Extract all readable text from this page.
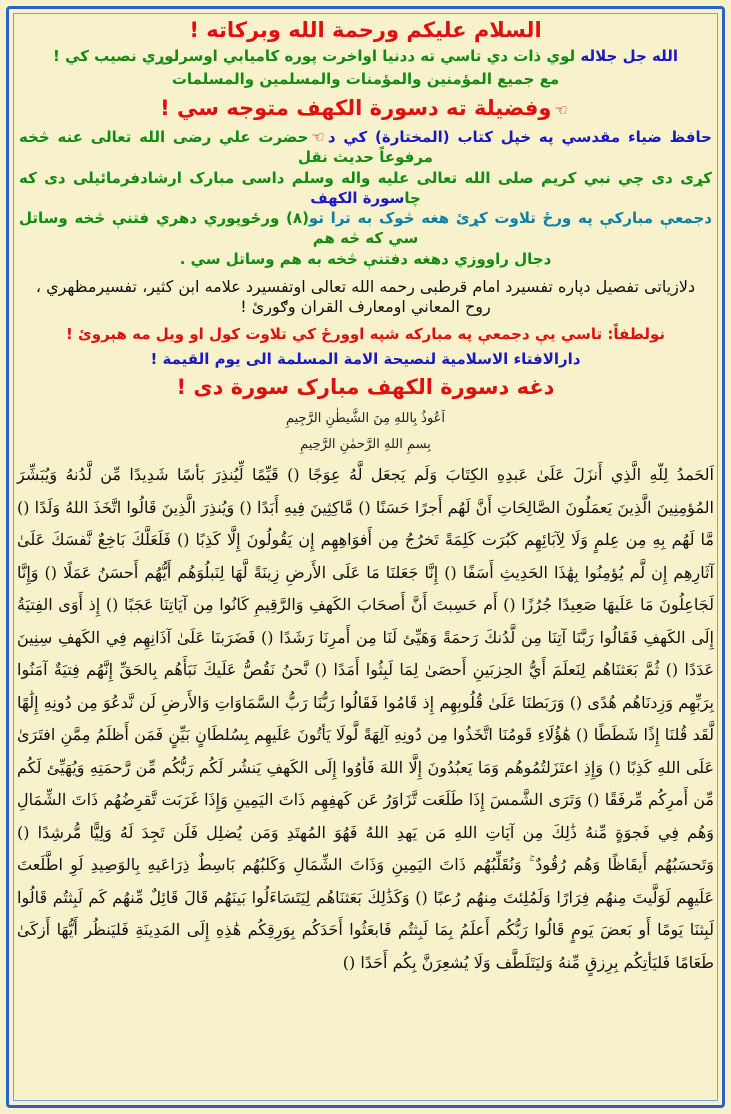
السلام علیکم ورحمة الله وبرکاته !

الله جل جلاله لوي ذات دي تاسي ته ددنیا اواخرت پوره کامیابي اوسرلوړي نصیب کي !

مع جمیع المؤمنین والمؤمنات والمسلمین والمسلمات

☜وفضیلة ته دسورة الکهف متوجه سي !

حافظ ضیاء مقدسي په خپل کتاب (المختارة) کي د☜حضرت علي رضی الله تعالی عنه څخه مرفوعاً حدیث نقل

کړی دی چي نبي کریم صلی الله تعالی علیه واله وسلم داسی مبارک ارشادفرمائیلی دی که چاسورة الکهف

دجمعې مبارکې په ورځ تلاوت کړئ هغه څوک به ترا تو(۸) ورځوپوري دهري فتنې څخه وساتل سي که څه هم

دجال راووزي دهغه دفتنې څخه به هم وساتل سي .

دلازیاتی تفصیل دپاره تفسیرد امام قرطبی رحمه الله تعالی اوتفسیرد علامه ابن کثیر، تفسیرمظهري ،

روح المعاني اومعارف القران وګورئ !

نولطفاً: تاسي يې دجمعې په مبارکه شپه اوورځ کي تلاوت کول او ویل مه هېروئ !

دارالافتاء الاسلامیة لنصیحة الامة المسلمة الی یوم القیمة !

دغه دسورة الکهف مبارک سورة دی !

اَعُوذُ بِاللهِ مِنَ الشَّیطٰنِ الرَّجِیمِ

بِسمِ اللهِ الرَّحمٰنِ الرَّحِیمِ

اَلحَمدُ لِلّهِ الَّذِي أَنزَلَ عَلَىٰ عَبدِهِ الكِتَابَ وَلَم يَجعَل لَّهُ عِوَجًا () قَيِّمًا لِّيُنذِرَ بَأسًا شَدِيدًا مِّن لَّدُنهُ وَيُبَشِّرَ المُؤمِنِينَ الَّذِينَ يَعمَلُونَ الصَّالِحَاتِ أَنَّ لَهُم أَجرًا حَسَنًا () مَّاكِثِينَ فِيهِ أَبَدًا () وَيُنذِرَ الَّذِينَ قَالُوا اتَّخَذَ اللهُ وَلَدًا () مَّا لَهُم بِهِ مِن عِلمٍ وَلَا لِآبَائِهِم كَبُرَت كَلِمَةً تَخرُجُ مِن أَفوَاهِهِم إِن يَقُولُونَ إِلَّا كَذِبًا () فَلَعَلَّكَ بَاخِعٌ نَّفسَكَ عَلَىٰ آثَارِهِم إِن لَّم يُؤمِنُوا بِهَٰذَا الحَدِيثِ أَسَفًا () إِنَّا جَعَلنَا مَا عَلَى الأَرضِ زِينَةً لَّهَا لِنَبلُوَهُم أَيُّهُم أَحسَنُ عَمَلًا () وَإِنَّا لَجَاعِلُونَ مَا عَلَيهَا صَعِيدًا جُرُزًا () أَم حَسِبتَ أَنَّ أَصحَابَ الكَهفِ وَالرَّقِيمِ كَانُوا مِن آيَاتِنَا عَجَبًا () إِذ أَوَى الفِتيَةُ إِلَى الكَهفِ فَقَالُوا رَبَّنَا آتِنَا مِن لَّدُنكَ رَحمَةً وَهَيِّئ لَنَا مِن أَمرِنَا رَشَدًا () فَضَرَبنَا عَلَىٰ آذَانِهِم فِي الكَهفِ سِنِينَ عَدَدًا () ثُمَّ بَعَثنَاهُم لِنَعلَمَ أَيُّ الحِزبَينِ أَحصَىٰ لِمَا لَبِثُوا أَمَدًا () نَّحنُ نَقُصُّ عَلَيكَ نَبَأَهُم بِالحَقِّ إِنَّهُم فِتيَةٌ آمَنُوا بِرَبِّهِم وَزِدنَاهُم هُدًى () وَرَبَطنَا عَلَىٰ قُلُوبِهِم إِذ قَامُوا فَقَالُوا رَبُّنَا رَبُّ السَّمَاوَاتِ وَالأَرضِ لَن نَّدعُوَ مِن دُونِهِ إِلَٰهًا لَّقَد قُلنَا إِذًا شَطَطًا () هَٰؤُلَاءِ قَومُنَا اتَّخَذُوا مِن دُونِهِ آلِهَةً لَّولَا يَأتُونَ عَلَيهِم بِسُلطَانٍ بَيِّنٍ فَمَن أَظلَمُ مِمَّنِ افتَرَىٰ عَلَى اللهِ كَذِبًا () وَإِذِ اعتَزَلتُمُوهُم وَمَا يَعبُدُونَ إِلَّا اللهَ فَأوُوا إِلَى الكَهفِ يَنشُر لَكُم رَبُّكُم مِّن رَّحمَتِهِ وَيُهَيِّئ لَكُم مِّن أَمرِكُم مِّرفَقًا () وَتَرَى الشَّمسَ إِذَا طَلَعَت تَّزَاوَرُ عَن كَهفِهِم ذَاتَ اليَمِينِ وَإِذَا غَرَبَت تَّقرِضُهُم ذَاتَ الشِّمَالِ وَهُم فِي فَجوَةٍ مِّنهُ ذَٰلِكَ مِن آيَاتِ اللهِ مَن يَهدِ اللهُ فَهُوَ المُهتَدِ وَمَن يُضلِل فَلَن تَجِدَ لَهُ وَلِيًّا مُّرشِدًا () وَتَحسَبُهُم أَيقَاظًا وَهُم رُقُودٌ ۚ وَنُقَلِّبُهُم ذَاتَ اليَمِينِ وَذَاتَ الشِّمَالِ وَكَلبُهُم بَاسِطٌ ذِرَاعَيهِ بِالوَصِيدِ لَوِ اطَّلَعتَ عَلَيهِم لَوَلَّيتَ مِنهُم فِرَارًا وَلَمُلِئتَ مِنهُم رُعبًا () وَكَذَٰلِكَ بَعَثنَاهُم لِيَتَسَاءَلُوا بَينَهُم قَالَ قَائِلٌ مِّنهُم كَم لَبِثتُم قَالُوا لَبِثنَا يَومًا أَو بَعضَ يَومٍ قَالُوا رَبُّكُم أَعلَمُ بِمَا لَبِثتُم فَابعَثُوا أَحَدَكُم بِوَرِقِكُم هَٰذِهِ إِلَى المَدِينَةِ فَليَنظُر أَيُّهَا أَزكَىٰ طَعَامًا فَليَأتِكُم بِرِزقٍ مِّنهُ وَليَتَلَطَّف وَلَا يُشعِرَنَّ بِكُم أَحَدًا ()
